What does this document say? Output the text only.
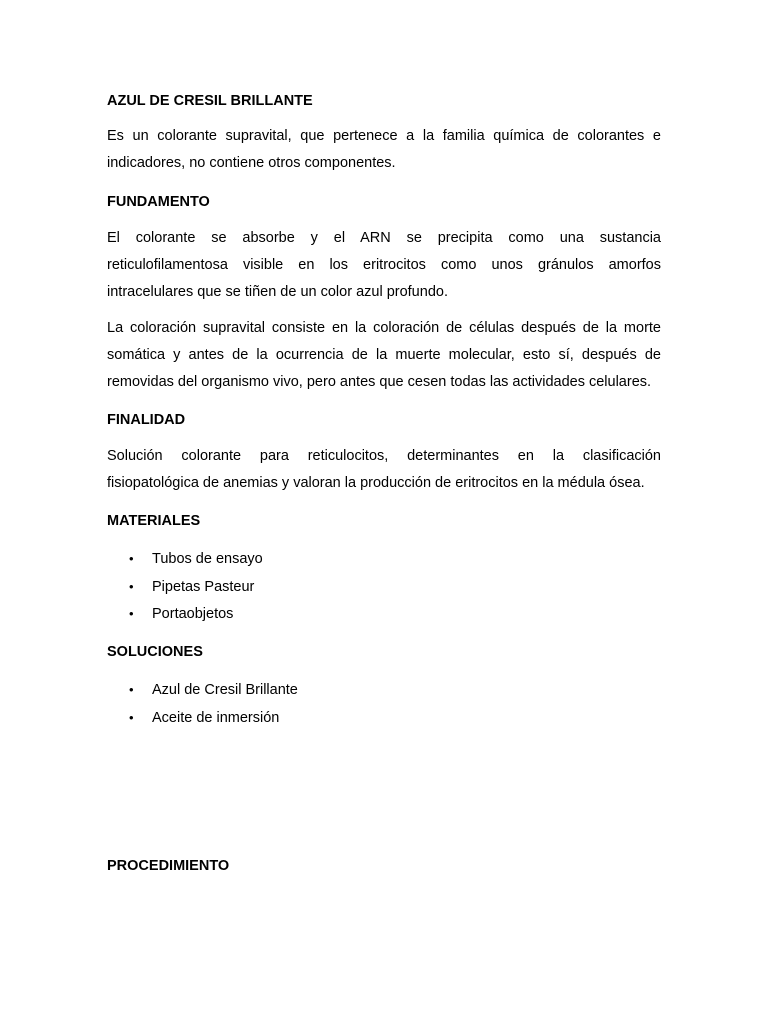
AZUL DE CRESIL BRILLANTE
Es un colorante supravital, que pertenece a la familia química de colorantes e
indicadores, no contiene otros componentes.
FUNDAMENTO
El colorante se absorbe y el ARN se precipita como una sustancia
reticulofilamentosa visible en los eritrocitos como unos gránulos amorfos
intracelulares que se tiñen de un color azul profundo.
La coloración supravital consiste en la coloración de células después de la morte
somática y antes de la ocurrencia de la muerte molecular, esto sí, después de
removidas del organismo vivo, pero antes que cesen todas las actividades celulares.
FINALIDAD
Solución colorante para reticulocitos, determinantes en la clasificación
fisiopatológica de anemias y valoran la producción de eritrocitos en la médula ósea.
MATERIALES
• Tubos de ensayo
• Pipetas Pasteur
• Portaobjetos
SOLUCIONES
• Azul de Cresil Brillante
• Aceite de inmersión
PROCEDIMIENTO
